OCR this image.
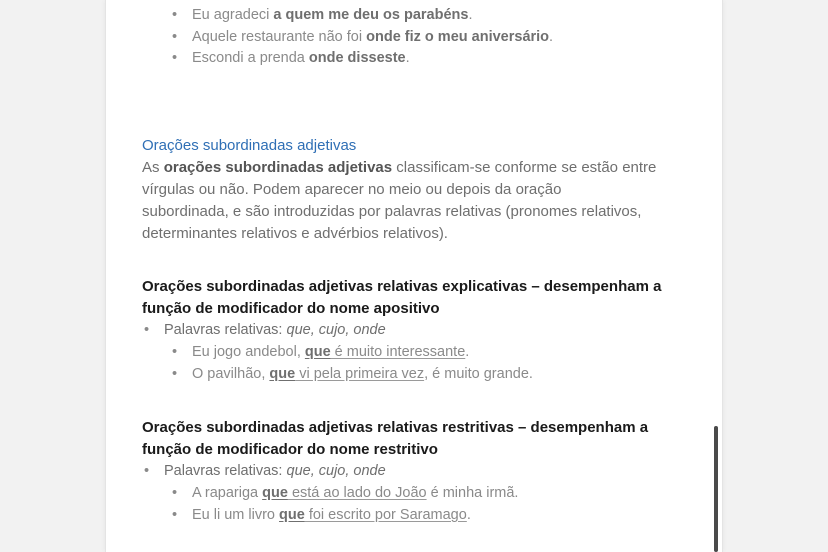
• Eu agradeci a quem me deu os parabéns.
• Aquele restaurante não foi onde fiz o meu aniversário.
• Escondi a prenda onde disseste.
Orações subordinadas adjetivas
As orações subordinadas adjetivas classificam-se conforme se estão entre
vírgulas ou não. Podem aparecer no meio ou depois da oração
subordinada, e são introduzidas por palavras relativas (pronomes relativos,
determinantes relativos e advérbios relativos).
Orações subordinadas adjetivas relativas explicativas – desempenham a
função de modificador do nome apositivo
• Palavras relativas: que, cujo, onde
• Eu jogo andebol, que é muito interessante.
• O pavilhão, que vi pela primeira vez, é muito grande.
Orações subordinadas adjetivas relativas restritivas – desempenham a
função de modificador do nome restritivo
• Palavras relativas: que, cujo, onde
• A rapariga que está ao lado do João é minha irmã.
• Eu li um livro que foi escrito por Saramago.
